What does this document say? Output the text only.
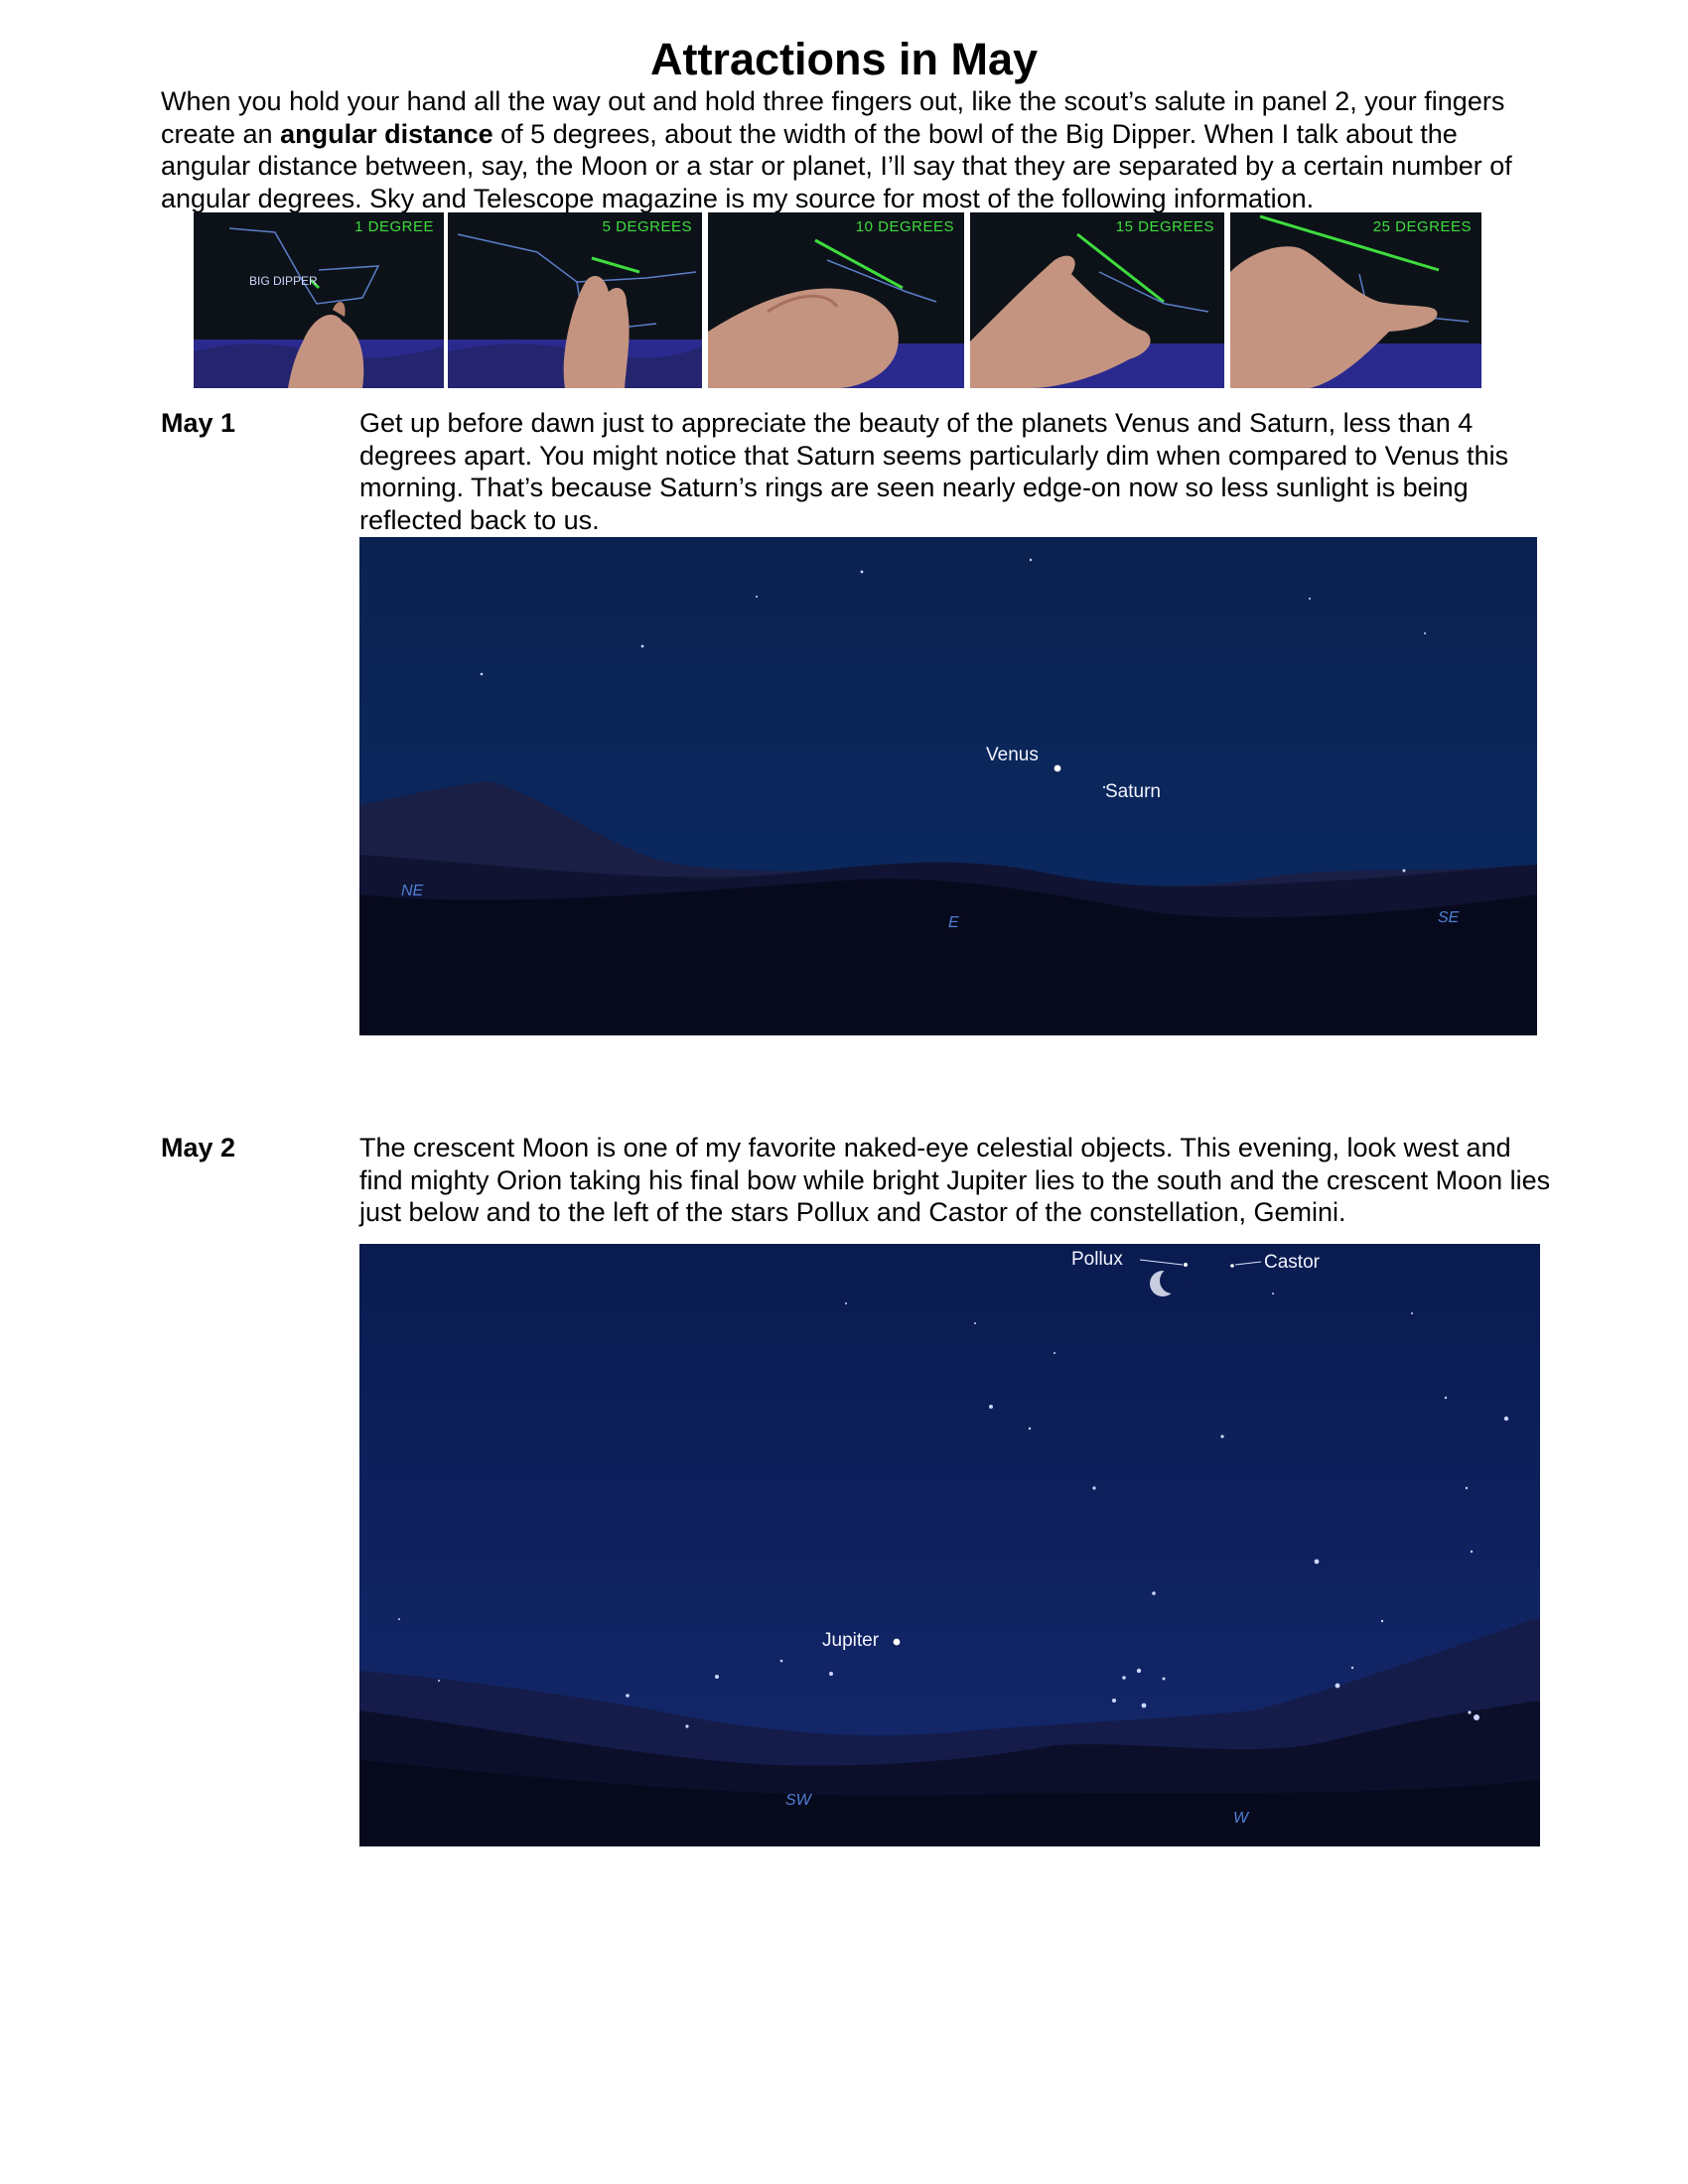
Attractions in May
When you hold your hand all the way out and hold three fingers out, like the scout’s salute in panel 2, your fingers create an angular distance of 5 degrees, about the width of the bowl of the Big Dipper. When I talk about the angular distance between, say, the Moon or a star or planet, I’ll say that they are separated by a certain number of angular degrees. Sky and Telescope magazine is my source for most of the following information.
1 DEGREE
BIG DIPPER
5 DEGREES	10 DEGREES	15 DEGREES	25 DEGREES
May 1	Get up before dawn just to appreciate the beauty of the planets Venus and Saturn, less than 4 degrees apart. You might notice that Saturn seems particularly dim when compared to Venus this morning. That’s because Saturn’s rings are seen nearly edge-on now so less sunlight is being reflected back to us.
Venus
Saturn
NE
E	SE
May 2	The crescent Moon is one of my favorite naked-eye celestial objects. This evening, look west and find mighty Orion taking his final bow while bright Jupiter lies to the south and the crescent Moon lies just below and to the left of the stars Pollux and Castor of the constellation, Gemini.
Pollux	Castor
Jupiter
SW
W
